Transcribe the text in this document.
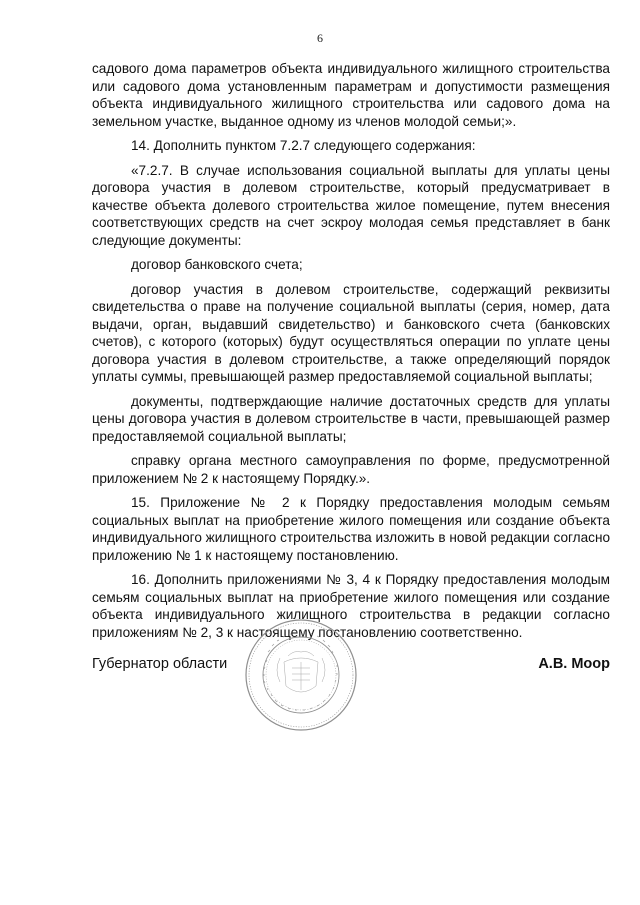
6

садового дома параметров объекта индивидуального жилищного строительства или садового дома установленным параметрам и допустимости размещения объекта индивидуального жилищного строительства или садового дома на земельном участке, выданное одному из членов молодой семьи;».

14. Дополнить пунктом 7.2.7 следующего содержания:

«7.2.7. В случае использования социальной выплаты для уплаты цены договора участия в долевом строительстве, который предусматривает в качестве объекта долевого строительства жилое помещение, путем внесения соответствующих средств на счет эскроу молодая семья представляет в банк следующие документы:

договор банковского счета;

договор участия в долевом строительстве, содержащий реквизиты свидетельства о праве на получение социальной выплаты (серия, номер, дата выдачи, орган, выдавший свидетельство) и банковского счета (банковских счетов), с которого (которых) будут осуществляться операции по уплате цены договора участия в долевом строительстве, а также определяющий порядок уплаты суммы, превышающей размер предоставляемой социальной выплаты;

документы, подтверждающие наличие достаточных средств для уплаты цены договора участия в долевом строительстве в части, превышающей размер предоставляемой социальной выплаты;

справку органа местного самоуправления по форме, предусмотренной приложением № 2 к настоящему Порядку.».

15. Приложение № 2 к Порядку предоставления молодым семьям социальных выплат на приобретение жилого помещения или создание объекта индивидуального жилищного строительства изложить в новой редакции согласно приложению № 1 к настоящему постановлению.

16. Дополнить приложениями № 3, 4 к Порядку предоставления молодым семьям социальных выплат на приобретение жилого помещения или создание объекта индивидуального жилищного строительства в редакции согласно приложениям № 2, 3 к настоящему постановлению соответственно.

Губернатор области	А.В. Моор
